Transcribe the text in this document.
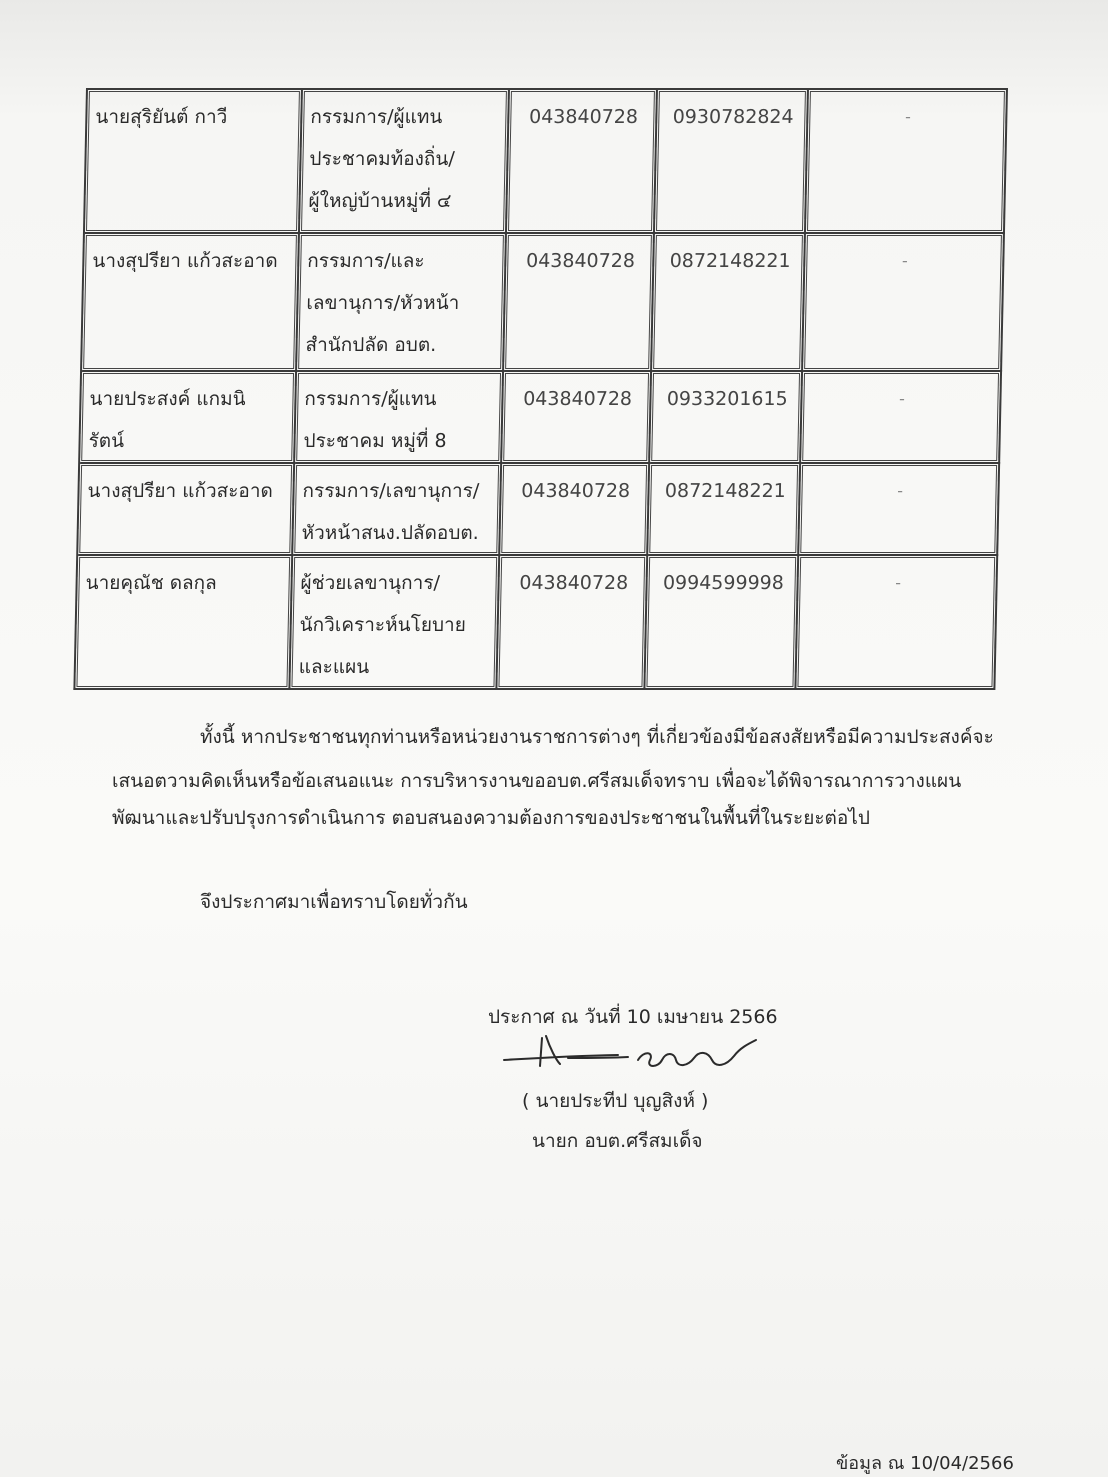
นายสุริยันต์ กาวี	กรรมการ/ผู้แทน
ประชาคมท้องถิ่น/
ผู้ใหญ่บ้านหมู่ที่ ๔	043840728	0930782824	-

นางสุปรียา แก้วสะอาด	กรรมการ/และ
เลขานุการ/หัวหน้า
สำนักปลัด อบต.	043840728	0872148221	-

นายประสงค์ แกมนิ
รัตน์	กรรมการ/ผู้แทน
ประชาคม หมู่ที่ 8	043840728	0933201615	-

นางสุปรียา แก้วสะอาด	กรรมการ/เลขานุการ/
หัวหน้าสนง.ปลัดอบต.	043840728	0872148221	-

นายคุณัช ดลกุล	ผู้ช่วยเลขานุการ/
นักวิเคราะห์นโยบาย
และแผน	043840728	0994599998	-
ทั้งนี้ หากประชาชนทุกท่านหรือหน่วยงานราชการต่างๆ ที่เกี่ยวข้องมีข้อสงสัยหรือมีความประสงค์จะ
เสนอตวามคิดเห็นหรือข้อเสนอแนะ การบริหารงานขออบต.ศรีสมเด็จทราบ เพื่อจะได้พิจารณาการวางแผน
พัฒนาและปรับปรุงการดำเนินการ ตอบสนองความต้องการของประชาชนในพื้นที่ในระยะต่อไป
จึงประกาศมาเพื่อทราบโดยทั่วกัน
ประกาศ ณ วันที่ 10 เมษายน 2566
( นายประทีป บุญสิงห์ )
นายก อบต.ศรีสมเด็จ
ข้อมูล ณ 10/04/2566
